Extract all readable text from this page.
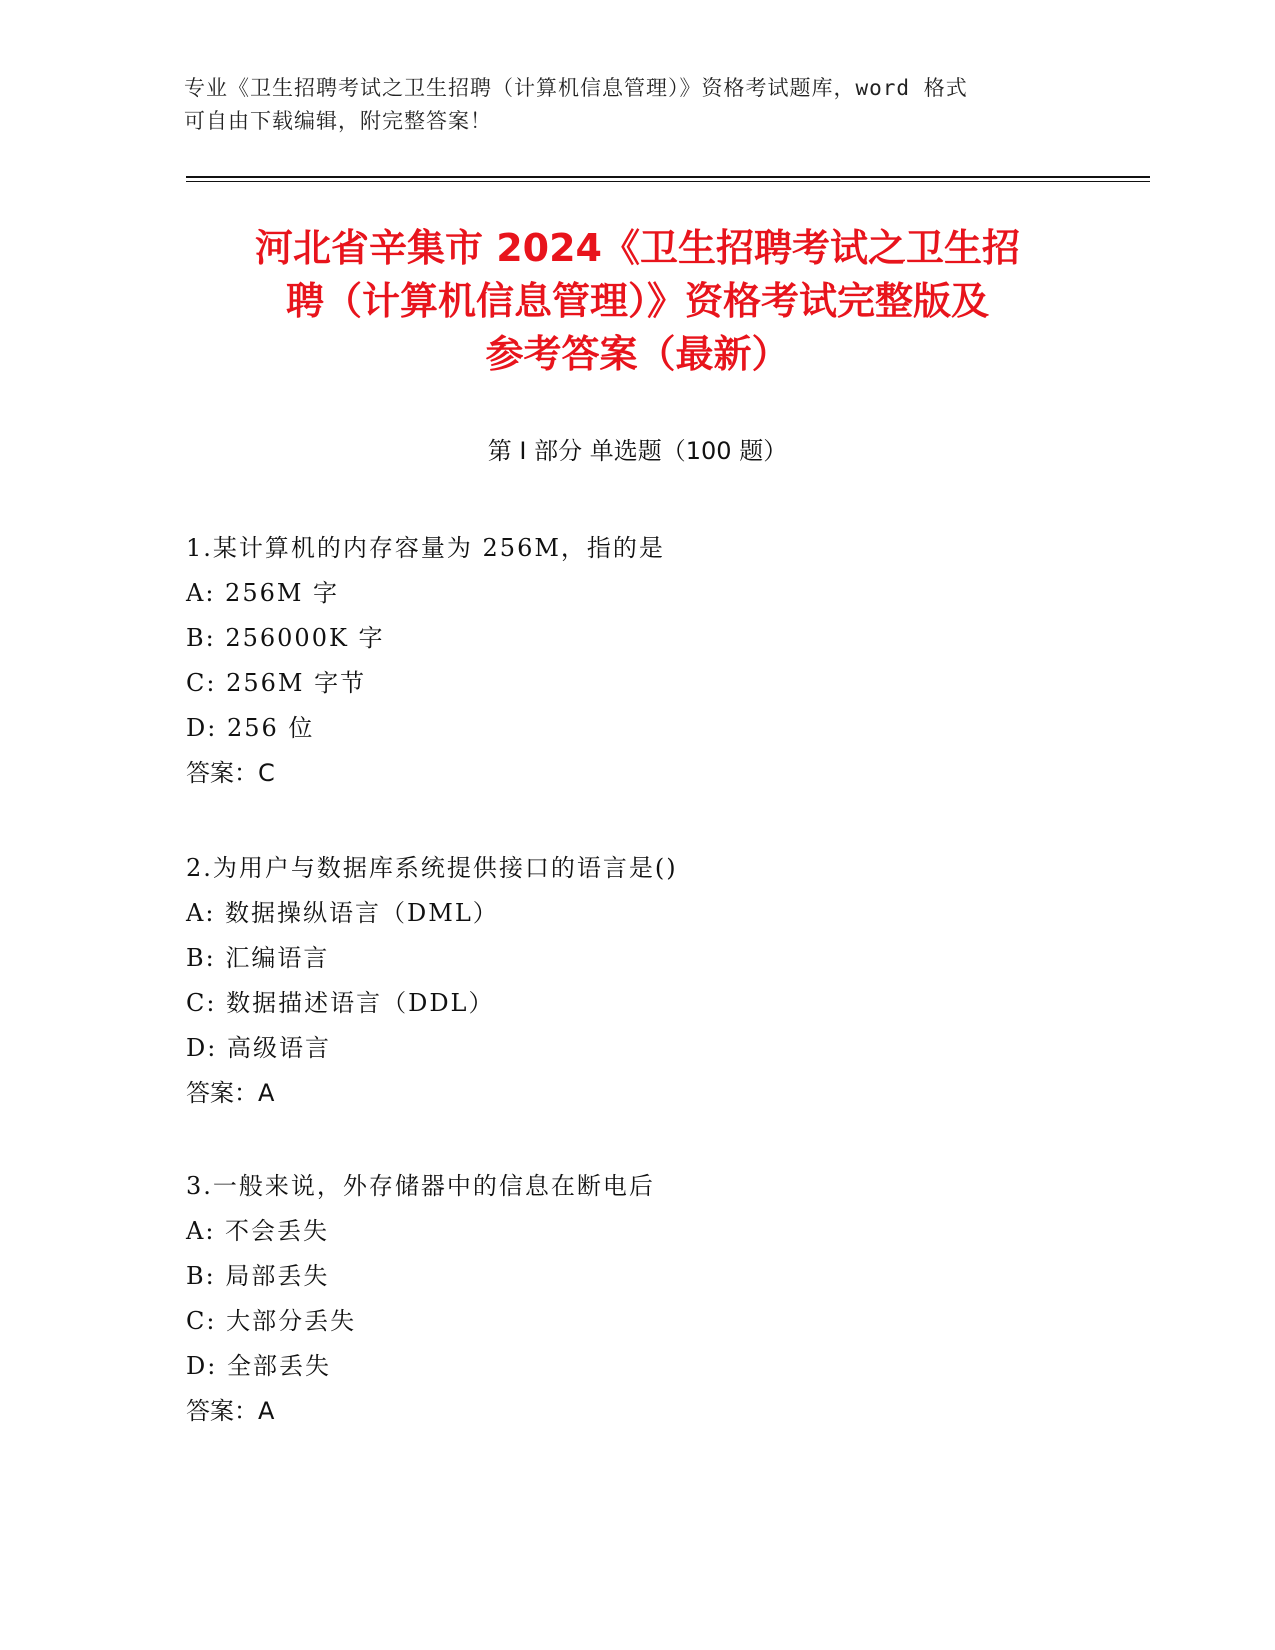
专业《卫生招聘考试之卫生招聘（计算机信息管理）》资格考试题库，word 格式
可自由下载编辑，附完整答案！
河北省辛集市 2024《卫生招聘考试之卫生招
聘（计算机信息管理）》资格考试完整版及
参考答案（最新）
第 I 部分 单选题（100 题）
1.某计算机的内存容量为 256M，指的是
A: 256M 字
B: 256000K 字
C: 256M 字节
D: 256 位
答案：C
2.为用户与数据库系统提供接口的语言是()
A: 数据操纵语言（DML）
B: 汇编语言
C: 数据描述语言（DDL）
D: 高级语言
答案：A
3.一般来说，外存储器中的信息在断电后
A: 不会丢失
B: 局部丢失
C: 大部分丢失
D: 全部丢失
答案：A
